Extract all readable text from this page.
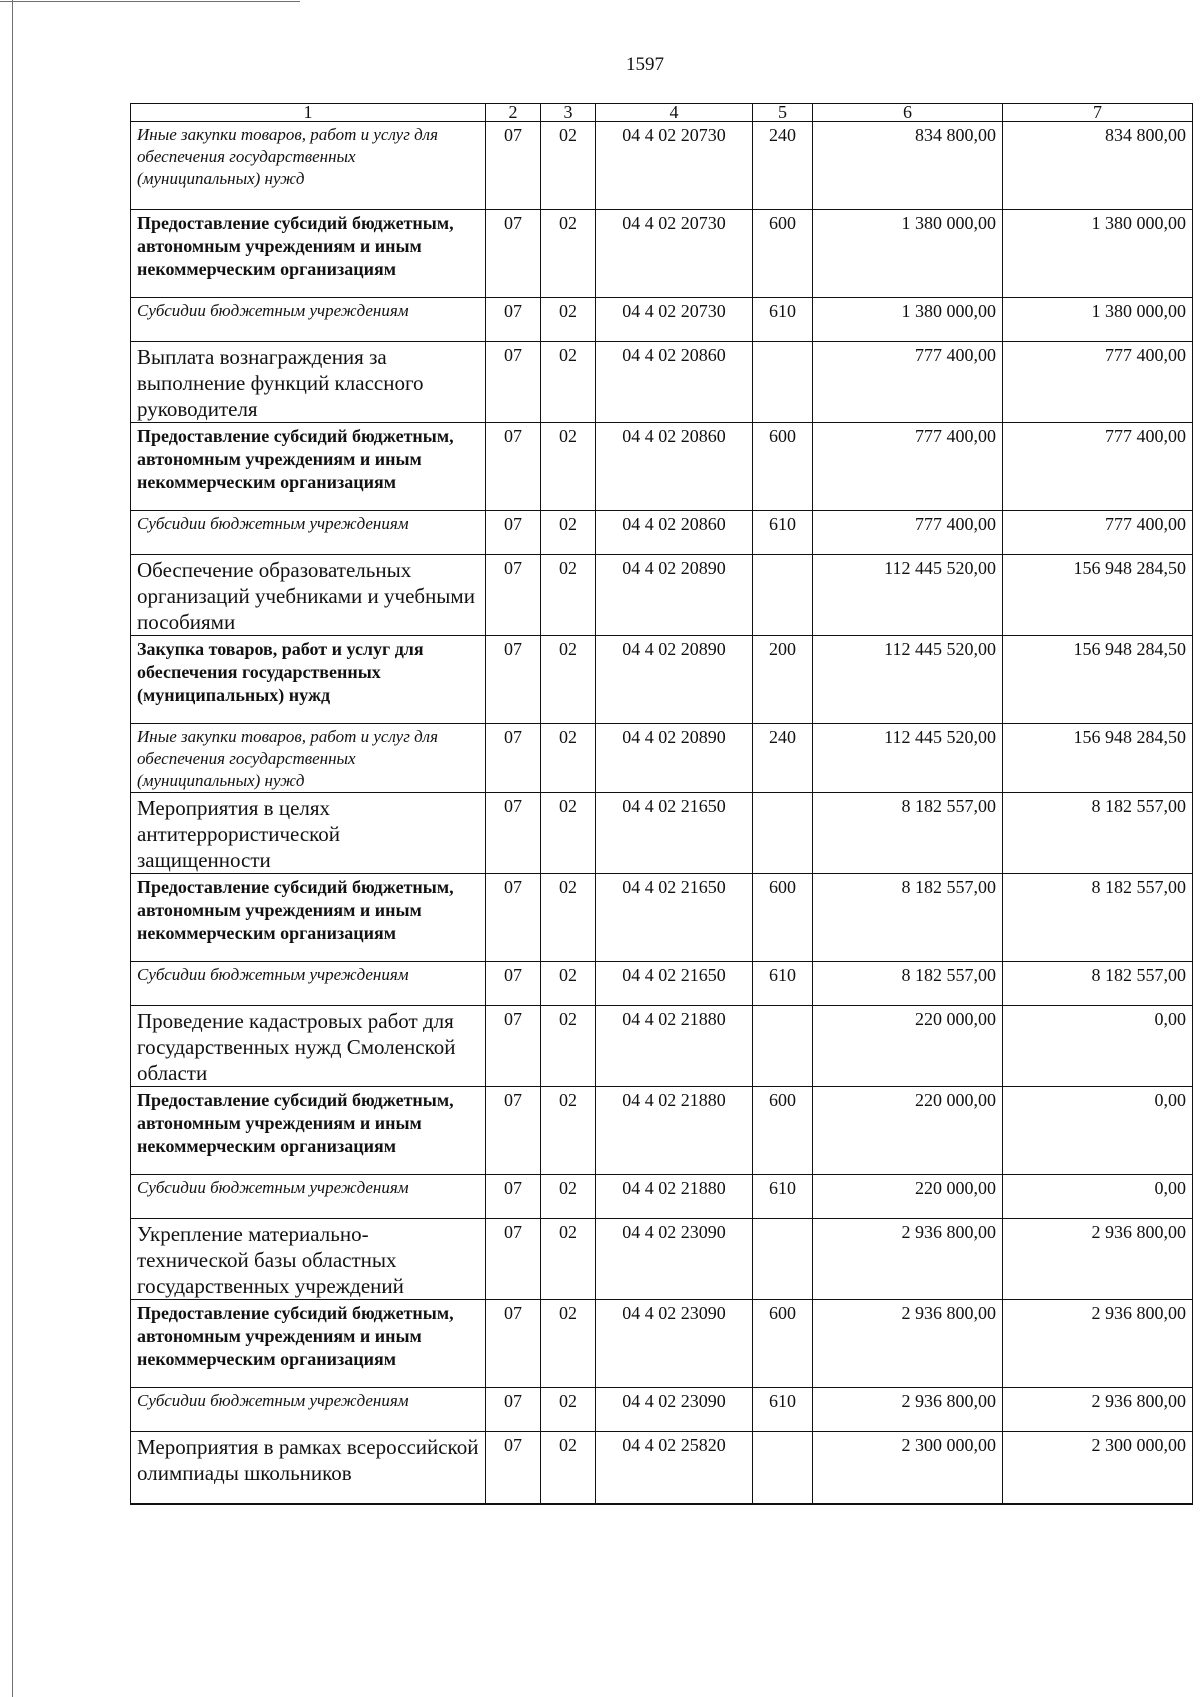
1597
1	2	3	4	5	6	7
Иные закупки товаров, работ и услуг для обеспечения государственных (муниципальных) нужд	07	02	04 4 02 20730	240	834 800,00	834 800,00
Предоставление субсидий бюджетным, автономным учреждениям и иным некоммерческим организациям	07	02	04 4 02 20730	600	1 380 000,00	1 380 000,00
Субсидии бюджетным учреждениям	07	02	04 4 02 20730	610	1 380 000,00	1 380 000,00
Выплата вознаграждения за выполнение функций классного руководителя	07	02	04 4 02 20860		777 400,00	777 400,00
Предоставление субсидий бюджетным, автономным учреждениям и иным некоммерческим организациям	07	02	04 4 02 20860	600	777 400,00	777 400,00
Субсидии бюджетным учреждениям	07	02	04 4 02 20860	610	777 400,00	777 400,00
Обеспечение образовательных организаций учебниками и учебными пособиями	07	02	04 4 02 20890		112 445 520,00	156 948 284,50
Закупка товаров, работ и услуг для обеспечения государственных (муниципальных) нужд	07	02	04 4 02 20890	200	112 445 520,00	156 948 284,50
Иные закупки товаров, работ и услуг для обеспечения государственных (муниципальных) нужд	07	02	04 4 02 20890	240	112 445 520,00	156 948 284,50
Мероприятия в целях антитеррористической защищенности	07	02	04 4 02 21650		8 182 557,00	8 182 557,00
Предоставление субсидий бюджетным, автономным учреждениям и иным некоммерческим организациям	07	02	04 4 02 21650	600	8 182 557,00	8 182 557,00
Субсидии бюджетным учреждениям	07	02	04 4 02 21650	610	8 182 557,00	8 182 557,00
Проведение кадастровых работ для государственных нужд Смоленской области	07	02	04 4 02 21880		220 000,00	0,00
Предоставление субсидий бюджетным, автономным учреждениям и иным некоммерческим организациям	07	02	04 4 02 21880	600	220 000,00	0,00
Субсидии бюджетным учреждениям	07	02	04 4 02 21880	610	220 000,00	0,00
Укрепление материально-технической базы областных государственных учреждений	07	02	04 4 02 23090		2 936 800,00	2 936 800,00
Предоставление субсидий бюджетным, автономным учреждениям и иным некоммерческим организациям	07	02	04 4 02 23090	600	2 936 800,00	2 936 800,00
Субсидии бюджетным учреждениям	07	02	04 4 02 23090	610	2 936 800,00	2 936 800,00
Мероприятия в рамках всероссийской олимпиады школьников	07	02	04 4 02 25820		2 300 000,00	2 300 000,00
